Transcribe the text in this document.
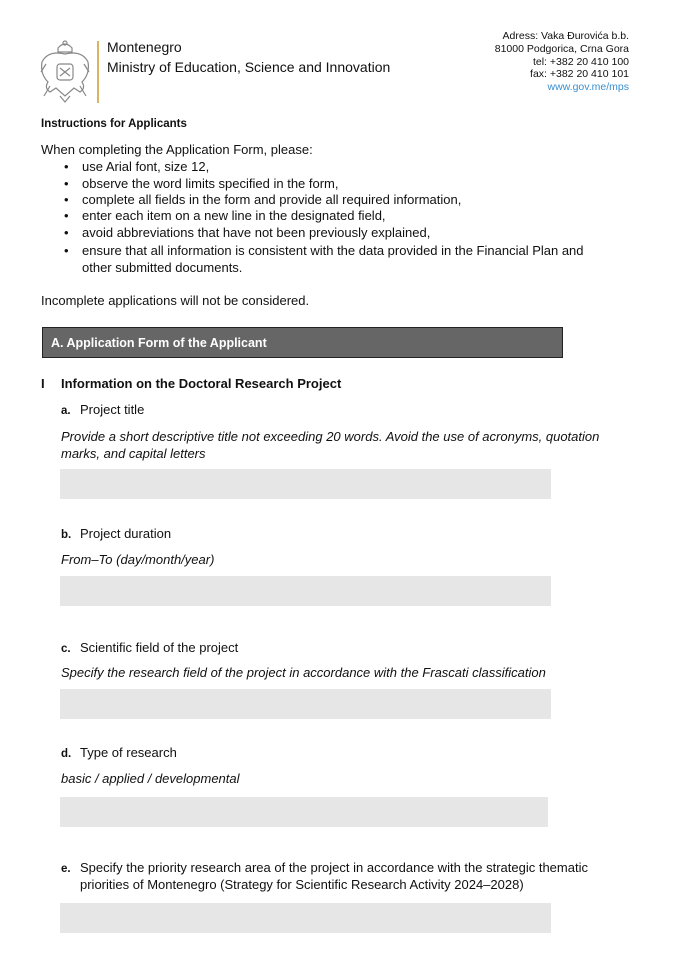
Montenegro
Ministry of Education, Science and Innovation
Adress: Vaka Đurovića b.b.
81000 Podgorica, Crna Gora
tel: +382 20 410 100
fax: +382 20 410 101
www.gov.me/mps
Instructions for Applicants
When completing the Application Form, please:
• use Arial font, size 12,
• observe the word limits specified in the form,
• complete all fields in the form and provide all required information,
• enter each item on a new line in the designated field,
• avoid abbreviations that have not been previously explained,
• ensure that all information is consistent with the data provided in the Financial Plan and
other submitted documents.
Incomplete applications will not be considered.
A. Application Form of the Applicant
I Information on the Doctoral Research Project
a. Project title
Provide a short descriptive title not exceeding 20 words. Avoid the use of acronyms, quotation
marks, and capital letters
b. Project duration
From–To (day/month/year)
c. Scientific field of the project
Specify the research field of the project in accordance with the Frascati classification
d. Type of research
basic / applied / developmental
e. Specify the priority research area of the project in accordance with the strategic thematic
priorities of Montenegro (Strategy for Scientific Research Activity 2024–2028)
